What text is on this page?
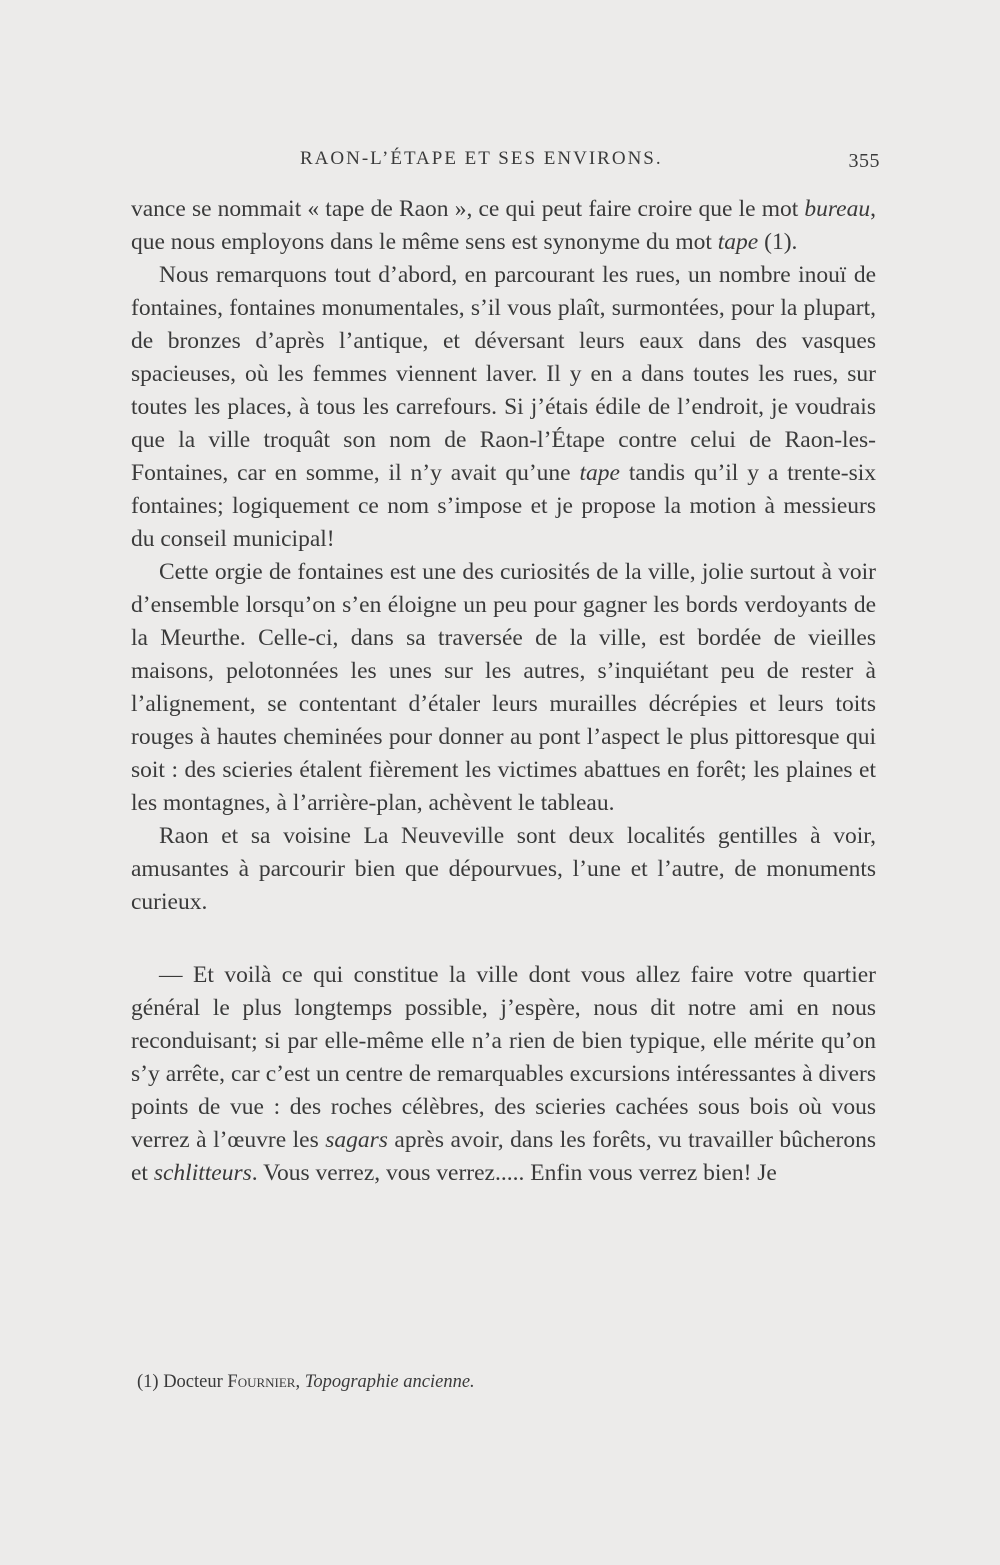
RAON-L’ÉTAPE ET SES ENVIRONS.	355

vance se nommait « tape de Raon », ce qui peut faire croire que le mot bureau, que nous employons dans le même sens est synonyme du mot tape (1).

Nous remarquons tout d’abord, en parcourant les rues, un nombre inouï de fontaines, fontaines monumentales, s’il vous plaît, surmontées, pour la plupart, de bronzes d’après l’antique, et déversant leurs eaux dans des vasques spacieuses, où les femmes viennent laver. Il y en a dans toutes les rues, sur toutes les places, à tous les carrefours. Si j’étais édile de l’endroit, je voudrais que la ville troquât son nom de Raon-l’Étape contre celui de Raon-les-Fontaines, car en somme, il n’y avait qu’une tape tandis qu’il y a trente-six fontaines; logiquement ce nom s’impose et je propose la motion à messieurs du conseil municipal!

Cette orgie de fontaines est une des curiosités de la ville, jolie surtout à voir d’ensemble lorsqu’on s’en éloigne un peu pour gagner les bords verdoyants de la Meurthe. Celle-ci, dans sa traversée de la ville, est bordée de vieilles maisons, pelotonnées les unes sur les autres, s’inquiétant peu de rester à l’alignement, se contentant d’étaler leurs murailles décrépies et leurs toits rouges à hautes cheminées pour donner au pont l’aspect le plus pittoresque qui soit : des scieries étalent fièrement les victimes abattues en forêt; les plaines et les montagnes, à l’arrière-plan, achèvent le tableau.

Raon et sa voisine La Neuveville sont deux localités gentilles à voir, amusantes à parcourir bien que dépourvues, l’une et l’autre, de monuments curieux.

— Et voilà ce qui constitue la ville dont vous allez faire votre quartier général le plus longtemps possible, j’espère, nous dit notre ami en nous reconduisant; si par elle-même elle n’a rien de bien typique, elle mérite qu’on s’y arrête, car c’est un centre de remarquables excursions intéressantes à divers points de vue : des roches célèbres, des scieries cachées sous bois où vous verrez à l’œuvre les sagars après avoir, dans les forêts, vu travailler bûcherons et schlitteurs. Vous verrez, vous verrez..... Enfin vous verrez bien! Je

(1) Docteur Fournier, Topographie ancienne.
